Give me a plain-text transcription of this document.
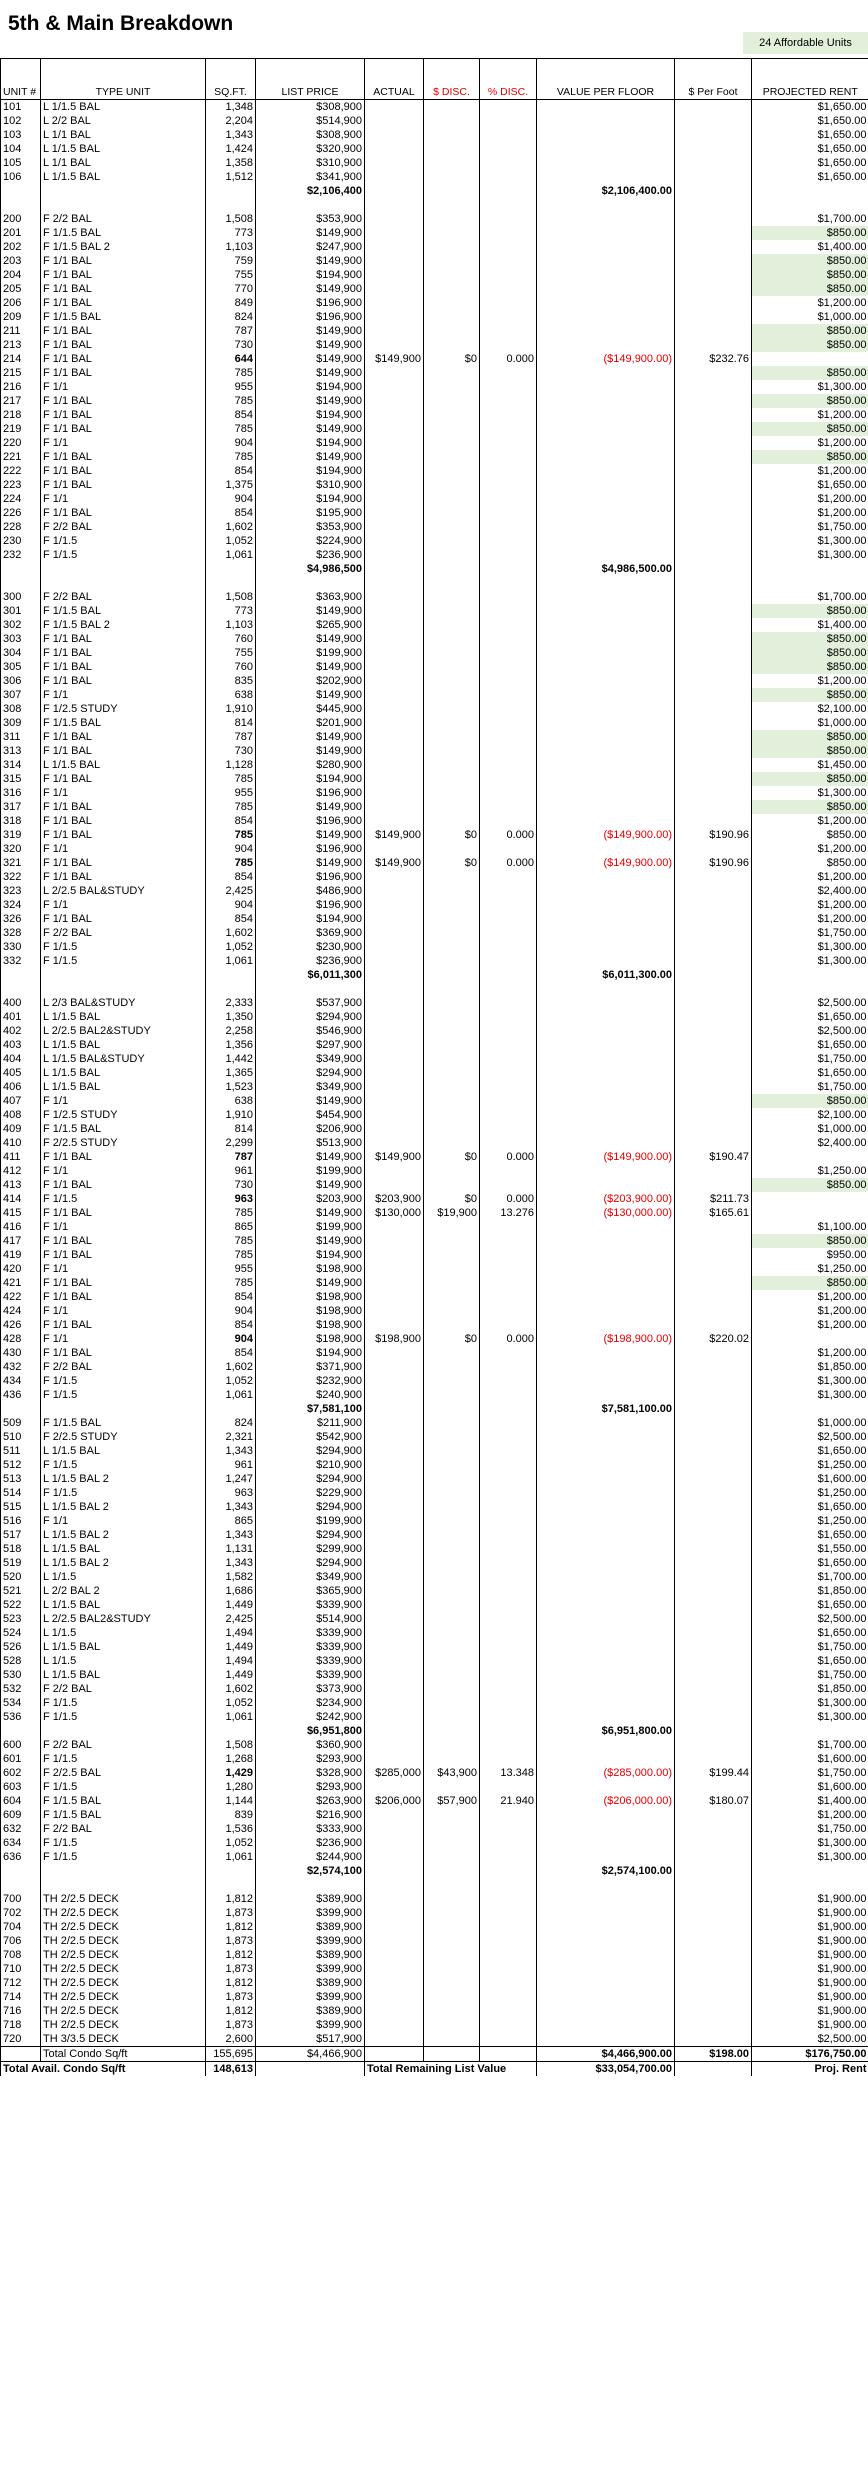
5th & Main Breakdown
24 Affordable Units
UNIT #	TYPE UNIT	SQ.FT.	LIST PRICE	ACTUAL	$ DISC.	% DISC.	VALUE PER FLOOR	$ Per Foot	PROJECTED RENT
101	L 1/1.5 BAL	1,348	$308,900						$1,650.00
102	L 2/2 BAL	2,204	$514,900						$1,650.00
103	L 1/1 BAL	1,343	$308,900						$1,650.00
104	L 1/1.5 BAL	1,424	$320,900						$1,650.00
105	L 1/1 BAL	1,358	$310,900						$1,650.00
106	L 1/1.5 BAL	1,512	$341,900						$1,650.00
			$2,106,400				$2,106,400.00		

200	F 2/2 BAL	1,508	$353,900						$1,700.00
201	F 1/1.5 BAL	773	$149,900						$850.00
202	F 1/1.5 BAL 2	1,103	$247,900						$1,400.00
203	F 1/1 BAL	759	$149,900						$850.00
204	F 1/1 BAL	755	$194,900						$850.00
205	F 1/1 BAL	770	$149,900						$850.00
206	F 1/1 BAL	849	$196,900						$1,200.00
209	F 1/1.5 BAL	824	$196,900						$1,000.00
211	F 1/1 BAL	787	$149,900						$850.00
213	F 1/1 BAL	730	$149,900						$850.00
214	F 1/1 BAL	644	$149,900	$149,900	$0	0.000	($149,900.00)	$232.76	
215	F 1/1 BAL	785	$149,900						$850.00
216	F 1/1	955	$194,900						$1,300.00
217	F 1/1 BAL	785	$149,900						$850.00
218	F 1/1 BAL	854	$194,900						$1,200.00
219	F 1/1 BAL	785	$149,900						$850.00
220	F 1/1	904	$194,900						$1,200.00
221	F 1/1 BAL	785	$149,900						$850.00
222	F 1/1 BAL	854	$194,900						$1,200.00
223	F 1/1 BAL	1,375	$310,900						$1,650.00
224	F 1/1	904	$194,900						$1,200.00
226	F 1/1 BAL	854	$195,900						$1,200.00
228	F 2/2 BAL	1,602	$353,900						$1,750.00
230	F 1/1.5	1,052	$224,900						$1,300.00
232	F 1/1.5	1,061	$236,900						$1,300.00
			$4,986,500				$4,986,500.00		

300	F 2/2 BAL	1,508	$363,900						$1,700.00
301	F 1/1.5 BAL	773	$149,900						$850.00
302	F 1/1.5 BAL 2	1,103	$265,900						$1,400.00
303	F 1/1 BAL	760	$149,900						$850.00
304	F 1/1 BAL	755	$199,900						$850.00
305	F 1/1 BAL	760	$149,900						$850.00
306	F 1/1 BAL	835	$202,900						$1,200.00
307	F 1/1	638	$149,900						$850.00
308	F 1/2.5 STUDY	1,910	$445,900						$2,100.00
309	F 1/1.5 BAL	814	$201,900						$1,000.00
311	F 1/1 BAL	787	$149,900						$850.00
313	F 1/1 BAL	730	$149,900						$850.00
314	L 1/1.5 BAL	1,128	$280,900						$1,450.00
315	F 1/1 BAL	785	$194,900						$850.00
316	F 1/1	955	$196,900						$1,300.00
317	F 1/1 BAL	785	$149,900						$850.00
318	F 1/1 BAL	854	$196,900						$1,200.00
319	F 1/1 BAL	785	$149,900	$149,900	$0	0.000	($149,900.00)	$190.96	$850.00
320	F 1/1	904	$196,900						$1,200.00
321	F 1/1 BAL	785	$149,900	$149,900	$0	0.000	($149,900.00)	$190.96	$850.00
322	F 1/1 BAL	854	$196,900						$1,200.00
323	L 2/2.5 BAL&STUDY	2,425	$486,900						$2,400.00
324	F 1/1	904	$196,900						$1,200.00
326	F 1/1 BAL	854	$194,900						$1,200.00
328	F 2/2 BAL	1,602	$369,900						$1,750.00
330	F 1/1.5	1,052	$230,900						$1,300.00
332	F 1/1.5	1,061	$236,900						$1,300.00
			$6,011,300				$6,011,300.00		

400	L 2/3 BAL&STUDY	2,333	$537,900						$2,500.00
401	L 1/1.5 BAL	1,350	$294,900						$1,650.00
402	L 2/2.5 BAL2&STUDY	2,258	$546,900						$2,500.00
403	L 1/1.5 BAL	1,356	$297,900						$1,650.00
404	L 1/1.5 BAL&STUDY	1,442	$349,900						$1,750.00
405	L 1/1.5 BAL	1,365	$294,900						$1,650.00
406	L 1/1.5 BAL	1,523	$349,900						$1,750.00
407	F 1/1	638	$149,900						$850.00
408	F 1/2.5 STUDY	1,910	$454,900						$2,100.00
409	F 1/1.5 BAL	814	$206,900						$1,000.00
410	F 2/2.5 STUDY	2,299	$513,900						$2,400.00
411	F 1/1 BAL	787	$149,900	$149,900	$0	0.000	($149,900.00)	$190.47	
412	F 1/1	961	$199,900						$1,250.00
413	F 1/1 BAL	730	$149,900						$850.00
414	F 1/1.5	963	$203,900	$203,900	$0	0.000	($203,900.00)	$211.73	
415	F 1/1 BAL	785	$149,900	$130,000	$19,900	13.276	($130,000.00)	$165.61	
416	F 1/1	865	$199,900						$1,100.00
417	F 1/1 BAL	785	$149,900						$850.00
419	F 1/1 BAL	785	$194,900						$950.00
420	F 1/1	955	$198,900						$1,250.00
421	F 1/1 BAL	785	$149,900						$850.00
422	F 1/1 BAL	854	$198,900						$1,200.00
424	F 1/1	904	$198,900						$1,200.00
426	F 1/1 BAL	854	$198,900						$1,200.00
428	F 1/1	904	$198,900	$198,900	$0	0.000	($198,900.00)	$220.02	
430	F 1/1 BAL	854	$194,900						$1,200.00
432	F 2/2 BAL	1,602	$371,900						$1,850.00
434	F 1/1.5	1,052	$232,900						$1,300.00
436	F 1/1.5	1,061	$240,900						$1,300.00
			$7,581,100				$7,581,100.00		
509	F 1/1.5 BAL	824	$211,900						$1,000.00
510	F 2/2.5 STUDY	2,321	$542,900						$2,500.00
511	L 1/1.5 BAL	1,343	$294,900						$1,650.00
512	F 1/1.5	961	$210,900						$1,250.00
513	L 1/1.5 BAL 2	1,247	$294,900						$1,600.00
514	F 1/1.5	963	$229,900						$1,250.00
515	L 1/1.5 BAL 2	1,343	$294,900						$1,650.00
516	F 1/1	865	$199,900						$1,250.00
517	L 1/1.5 BAL 2	1,343	$294,900						$1,650.00
518	L 1/1.5 BAL	1,131	$299,900						$1,550.00
519	L 1/1.5 BAL 2	1,343	$294,900						$1,650.00
520	L 1/1.5	1,582	$349,900						$1,700.00
521	L 2/2 BAL 2	1,686	$365,900						$1,850.00
522	L 1/1.5 BAL	1,449	$339,900						$1,650.00
523	L 2/2.5 BAL2&STUDY	2,425	$514,900						$2,500.00
524	L 1/1.5	1,494	$339,900						$1,650.00
526	L 1/1.5 BAL	1,449	$339,900						$1,750.00
528	L 1/1.5	1,494	$339,900						$1,650.00
530	L 1/1.5 BAL	1,449	$339,900						$1,750.00
532	F 2/2 BAL	1,602	$373,900						$1,850.00
534	F 1/1.5	1,052	$234,900						$1,300.00
536	F 1/1.5	1,061	$242,900						$1,300.00
			$6,951,800				$6,951,800.00		
600	F 2/2 BAL	1,508	$360,900						$1,700.00
601	F 1/1.5	1,268	$293,900						$1,600.00
602	F 2/2.5 BAL	1,429	$328,900	$285,000	$43,900	13.348	($285,000.00)	$199.44	$1,750.00
603	F 1/1.5	1,280	$293,900						$1,600.00
604	F 1/1.5 BAL	1,144	$263,900	$206,000	$57,900	21.940	($206,000.00)	$180.07	$1,400.00
609	F 1/1.5 BAL	839	$216,900						$1,200.00
632	F 2/2 BAL	1,536	$333,900						$1,750.00
634	F 1/1.5	1,052	$236,900						$1,300.00
636	F 1/1.5	1,061	$244,900						$1,300.00
			$2,574,100				$2,574,100.00		

700	TH 2/2.5 DECK	1,812	$389,900						$1,900.00
702	TH 2/2.5 DECK	1,873	$399,900						$1,900.00
704	TH 2/2.5 DECK	1,812	$389,900						$1,900.00
706	TH 2/2.5 DECK	1,873	$399,900						$1,900.00
708	TH 2/2.5 DECK	1,812	$389,900						$1,900.00
710	TH 2/2.5 DECK	1,873	$399,900						$1,900.00
712	TH 2/2.5 DECK	1,812	$389,900						$1,900.00
714	TH 2/2.5 DECK	1,873	$399,900						$1,900.00
716	TH 2/2.5 DECK	1,812	$389,900						$1,900.00
718	TH 2/2.5 DECK	1,873	$399,900						$1,900.00
720	TH 3/3.5 DECK	2,600	$517,900						$2,500.00
	Total Condo Sq/ft	155,695	$4,466,900				$4,466,900.00	$198.00	$176,750.00
Total Avail. Condo Sq/ft		148,613		Total Remaining List Value			$33,054,700.00		Proj. Rent
